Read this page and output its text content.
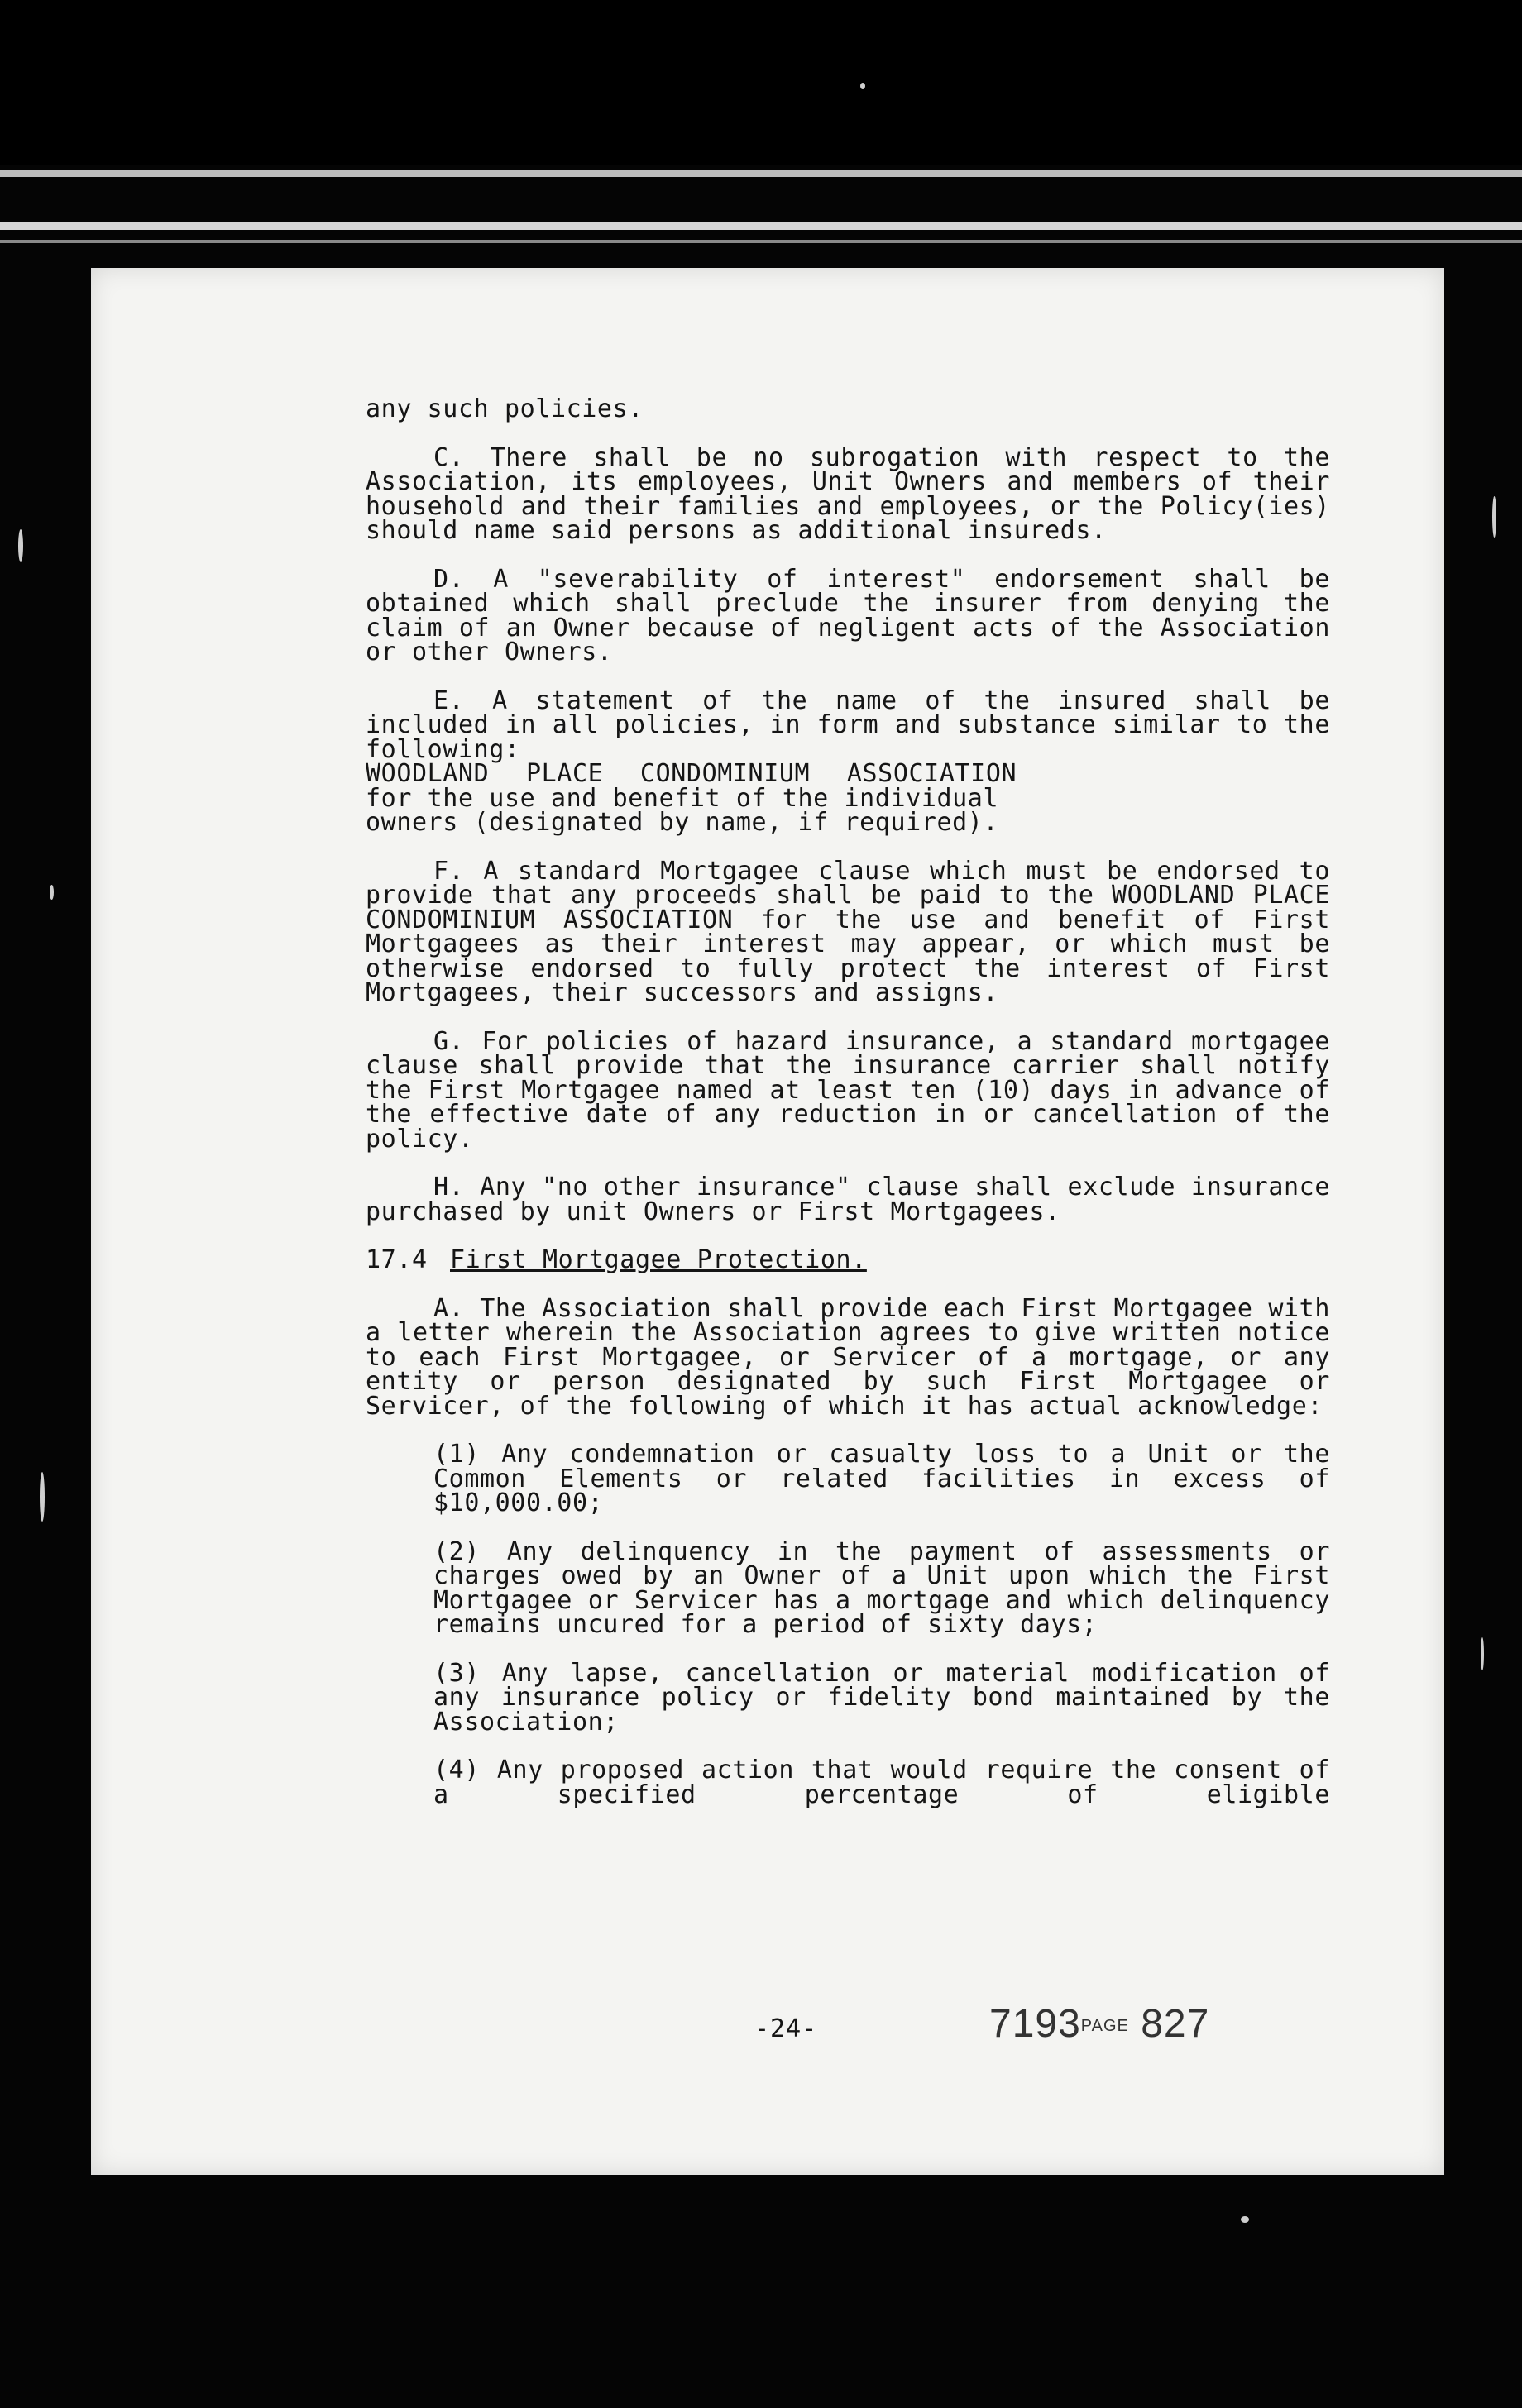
any such policies.

C. There shall be no subrogation with respect to the Association, its employees, Unit Owners and members of their household and their families and employees, or the Policy(ies) should name said persons as additional insureds.

D. A "severability of interest" endorsement shall be obtained which shall preclude the insurer from denying the claim of an Owner because of negligent acts of the Association or other Owners.

E. A statement of the name of the insured shall be included in all policies, in form and substance similar to the following:
WOODLAND PLACE CONDOMINIUM ASSOCIATION
for the use and benefit of the individual
owners (designated by name, if required).

F. A standard Mortgagee clause which must be endorsed to provide that any proceeds shall be paid to the WOODLAND PLACE CONDOMINIUM ASSOCIATION for the use and benefit of First Mortgagees as their interest may appear, or which must be otherwise endorsed to fully protect the interest of First Mortgagees, their successors and assigns.

G. For policies of hazard insurance, a standard mortgagee clause shall provide that the insurance carrier shall notify the First Mortgagee named at least ten (10) days in advance of the effective date of any reduction in or cancellation of the policy.

H. Any "no other insurance" clause shall exclude insurance purchased by unit Owners or First Mortgagees.

17.4 First Mortgagee Protection.

A. The Association shall provide each First Mortgagee with a letter wherein the Association agrees to give written notice to each First Mortgagee, or Servicer of a mortgage, or any entity or person designated by such First Mortgagee or Servicer, of the following of which it has actual acknowledge:

(1) Any condemnation or casualty loss to a Unit or the Common Elements or related facilities in excess of $10,000.00;

(2) Any delinquency in the payment of assessments or charges owed by an Owner of a Unit upon which the First Mortgagee or Servicer has a mortgage and which delinquency remains uncured for a period of sixty days;

(3) Any lapse, cancellation or material modification of any insurance policy or fidelity bond maintained by the Association;

(4) Any proposed action that would require the consent of a specified percentage of eligible

-24-	7193PAGE 827
